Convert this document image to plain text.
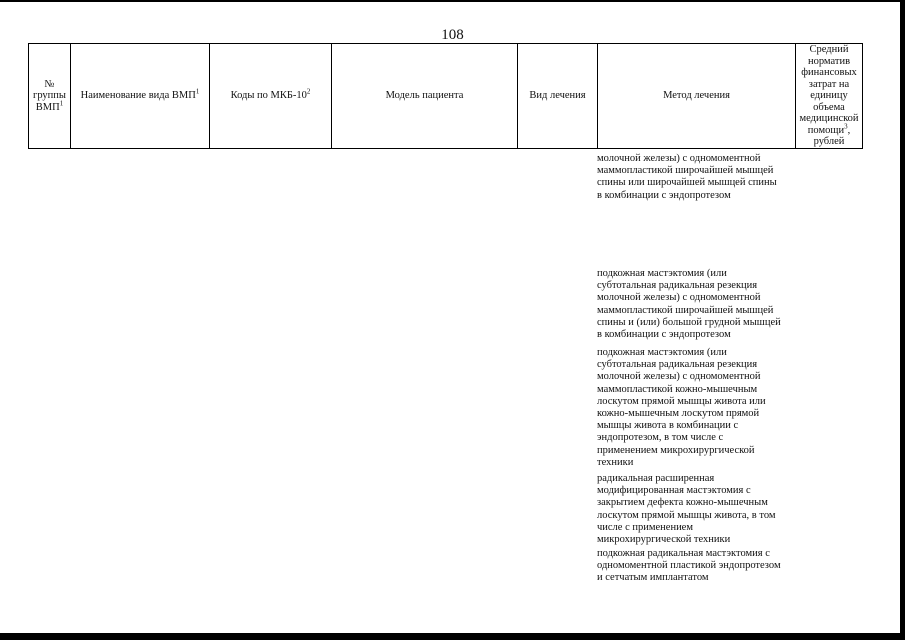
108
№ группы ВМП$^1$	Наименование вида ВМП$^1$	Коды по МКБ-$10^2$	Модель пациента	Вид лечения	Метод лечения	Средний норматив финансовых затрат на единицу объема медицинской помощи$^3$, рублей

молочной железы) с одномоментной
маммопластикой широчайшей мышцей
спины или широчайшей мышцей спины
в комбинации с эндопротезом

подкожная мастэктомия (или
субтотальная радикальная резекция
молочной железы) с одномоментной
маммопластикой широчайшей мышцей
спины и (или) большой грудной мышцей
в комбинации с эндопротезом

подкожная мастэктомия (или
субтотальная радикальная резекция
молочной железы) с одномоментной
маммопластикой кожно-мышечным
лоскутом прямой мышцы живота или
кожно-мышечным лоскутом прямой
мышцы живота в комбинации с
эндопротезом, в том числе с
применением микрохирургической
техники

радикальная расширенная
модифицированная мастэктомия с
закрытием дефекта кожно-мышечным
лоскутом прямой мышцы живота, в том
числе с применением
микрохирургической техники

подкожная радикальная мастэктомия с
одномоментной пластикой эндопротезом
и сетчатым имплантатом
